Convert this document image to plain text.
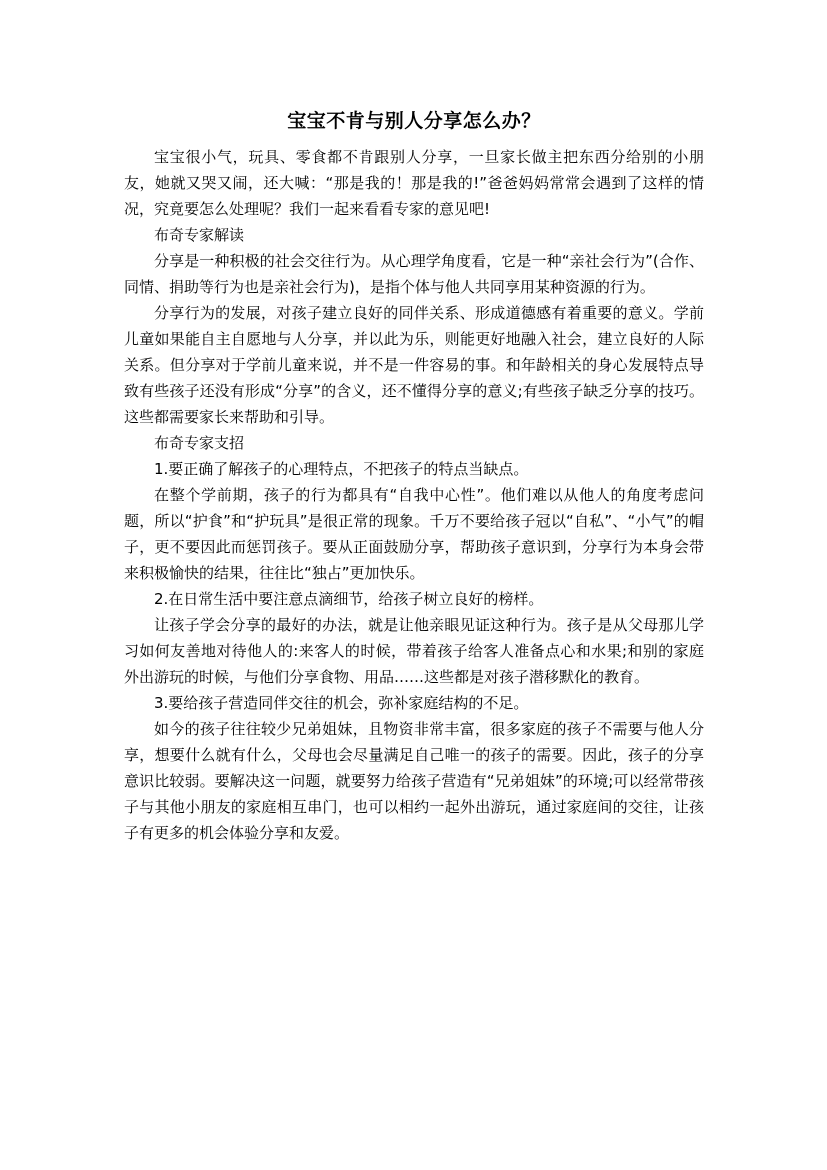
宝宝不肯与别人分享怎么办？

宝宝很小气，玩具、零食都不肯跟别人分享，一旦家长做主把东西分给别的小朋友，她就又哭又闹，还大喊：“那是我的！那是我的!”爸爸妈妈常常会遇到了这样的情况，究竟要怎么处理呢？我们一起来看看专家的意见吧!

布奇专家解读

分享是一种积极的社会交往行为。从心理学角度看，它是一种“亲社会行为”(合作、同情、捐助等行为也是亲社会行为)，是指个体与他人共同享用某种资源的行为。

分享行为的发展，对孩子建立良好的同伴关系、形成道德感有着重要的意义。学前儿童如果能自主自愿地与人分享，并以此为乐，则能更好地融入社会，建立良好的人际关系。但分享对于学前儿童来说，并不是一件容易的事。和年龄相关的身心发展特点导致有些孩子还没有形成“分享”的含义，还不懂得分享的意义;有些孩子缺乏分享的技巧。这些都需要家长来帮助和引导。

布奇专家支招

1.要正确了解孩子的心理特点，不把孩子的特点当缺点。

在整个学前期，孩子的行为都具有“自我中心性”。他们难以从他人的角度考虑问题，所以“护食”和“护玩具”是很正常的现象。千万不要给孩子冠以“自私”、“小气”的帽子，更不要因此而惩罚孩子。要从正面鼓励分享，帮助孩子意识到，分享行为本身会带来积极愉快的结果，往往比“独占”更加快乐。

2.在日常生活中要注意点滴细节，给孩子树立良好的榜样。

让孩子学会分享的最好的办法，就是让他亲眼见证这种行为。孩子是从父母那儿学习如何友善地对待他人的:来客人的时候，带着孩子给客人准备点心和水果;和别的家庭外出游玩的时候，与他们分享食物、用品……这些都是对孩子潜移默化的教育。

3.要给孩子营造同伴交往的机会，弥补家庭结构的不足。

如今的孩子往往较少兄弟姐妹，且物资非常丰富，很多家庭的孩子不需要与他人分享，想要什么就有什么，父母也会尽量满足自己唯一的孩子的需要。因此，孩子的分享意识比较弱。要解决这一问题，就要努力给孩子营造有“兄弟姐妹”的环境;可以经常带孩子与其他小朋友的家庭相互串门，也可以相约一起外出游玩，通过家庭间的交往，让孩子有更多的机会体验分享和友爱。
